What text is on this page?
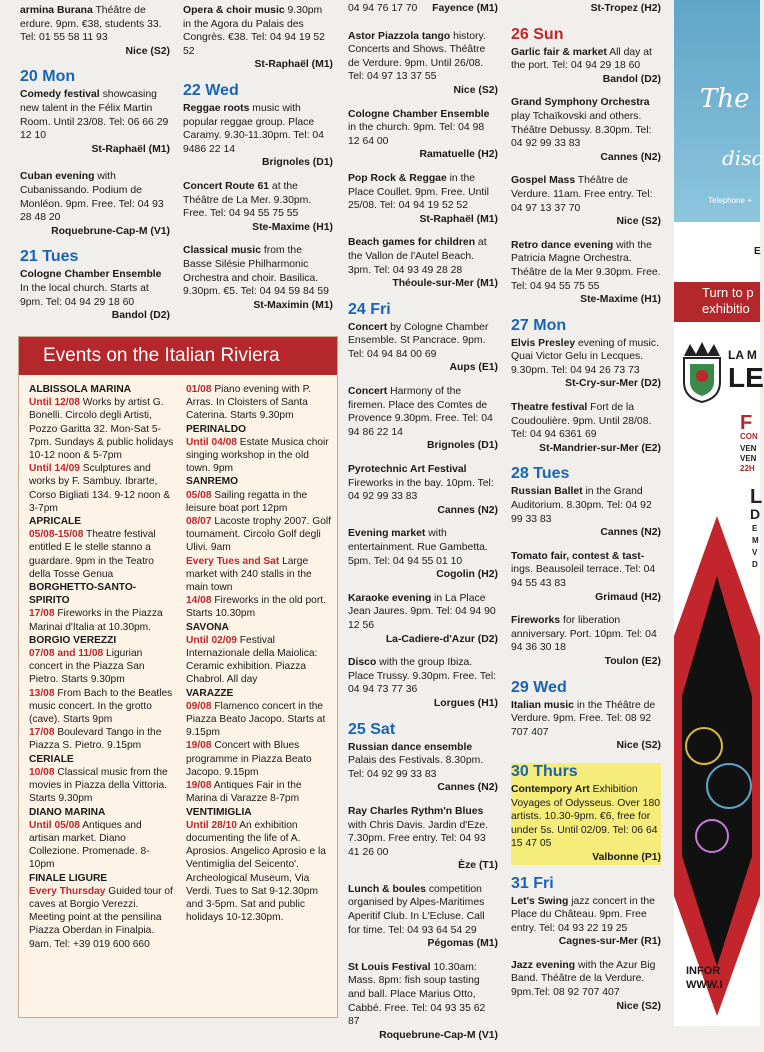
armina Burana Théâtre de erdure. 9pm. €38, students 33. Tel: 01 55 58 11 93
Nice (S2)
20 Mon
Comedy festival showcasing new talent in the Félix Martin Room. Until 23/08. Tel: 06 66 29 12 10
St-Raphaël (M1)
Cuban evening with Cubanissando. Podium de Monléon. 9pm. Free. Tel: 04 93 28 48 20
Roquebrune-Cap-M (V1)
21 Tues
Cologne Chamber Ensemble In the local church. Starts at 9pm. Tel: 04 94 29 18 60
Bandol (D2)
Opera & choir music 9.30pm in the Agora du Palais des Congrès. €38. Tel: 04 94 19 52 52
St-Raphaël (M1)
22 Wed
Reggae roots music with popular reggae group. Place Caramy. 9.30-11.30pm. Tel: 04 9486 22 14
Brignoles (D1)
Concert Route 61 at the Théâtre de La Mer. 9.30pm. Free. Tel: 04 94 55 75 55
Ste-Maxime (H1)
Classical music from the Basse Silésie Philharmonic Orchestra and choir. Basilica. 9.30pm. €5. Tel: 04 94 59 84 59
St-Maximin (M1)
Events on the Italian Riviera
ALBISSOLA MARINA
Until 12/08 Works by artist G. Bonelli. Circolo degli Artisti, Pozzo Garitta 32. Mon-Sat 5-7pm. Sundays & public holidays 10-12 noon & 5-7pm
Until 14/09 Sculptures and works by F. Sambuy. Ibrarte, Corso Bigliati 134. 9-12 noon & 3-7pm
APRICALE
05/08-15/08 Theatre festival entitled E le stelle stanno a guardare. 9pm in the Teatro della Tosse Genua
BORGHETTO-SANTO-SPIRITO
17/08 Fireworks in the Piazza Marinai d'Italia at 10.30pm.
BORGIO VEREZZI
07/08 and 11/08 Ligurian concert in the Piazza San Pietro. Starts 9.30pm
13/08 From Bach to the Beatles music concert. In the grotto (cave). Starts 9pm
17/08 Boulevard Tango in the Piazza S. Pietro. 9.15pm
CERIALE
10/08 Classical music from the movies in Piazza della Vittoria. Starts 9.30pm
DIANO MARINA
Until 05/08 Antiques and artisan market. Diano Collezione. Promenade. 8-10pm
FINALE LIGURE
Every Thursday Guided tour of caves at Borgio Verezzi. Meeting point at the pensilina Piazza Oberdan in Finalpia. 9am. Tel: +39 019 600 660
01/08 Piano evening with P. Arras. In Cloisters of Santa Caterina. Starts 9.30pm
PERINALDO
Until 04/08 Estate Musica choir singing workshop in the old town. 9pm
SANREMO
05/08 Sailing regatta in the leisure boat port 12pm
08/07 Lacoste trophy 2007. Golf tournament. Circolo Golf degli Ulivi. 9am
Every Tues and Sat Large market with 240 stalls in the main town
14/08 Fireworks in the old port. Starts 10.30pm
SAVONA
Until 02/09 Festival Internazionale della Maiolica: Ceramic exhibition. Piazza Chabrol. All day
VARAZZE
09/08 Flamenco concert in the Piazza Beato Jacopo. Starts at 9.15pm
19/08 Concert with Blues programme in Piazza Beato Jacopo. 9.15pm
19/08 Antiques Fair in the Marina di Varazze 8-7pm
VENTIMIGLIA
Until 28/10 An exhibition documenting the life of A. Aprosios. Angelico Aprosio e la Ventimiglia del Seicento'. Archeological Museum, Via Verdi. Tues to Sat 9-12.30pm and 3-5pm. Sat and public holidays 10-12.30pm.
04 94 76 17 70 Fayence (M1)
Astor Piazzola tango history. Concerts and Shows. Théâtre de Verdure. 9pm. Until 26/08. Tel: 04 97 13 37 55
Nice (S2)
Cologne Chamber Ensemble in the church. 9pm. Tel: 04 98 12 64 00
Ramatuelle (H2)
Pop Rock & Reggae in the Place Coullet. 9pm. Free. Until 25/08. Tel: 04 94 19 52 52
St-Raphaël (M1)
Beach games for children at the Vallon de l'Autel Beach. 3pm. Tel: 04 93 49 28 28
Théoule-sur-Mer (M1)
24 Fri
Concert by Cologne Chamber Ensemble. St Pancrace. 9pm. Tel: 04 94 84 00 69
Aups (E1)
Concert Harmony of the firemen. Place des Comtes de Provence 9.30pm. Free. Tel: 04 94 86 22 14
Brignoles (D1)
Pyrotechnic Art Festival Fireworks in the bay. 10pm. Tel: 04 92 99 33 83
Cannes (N2)
Evening market with entertainment. Rue Gambetta. 5pm. Tel: 04 94 55 01 10
Cogolin (H2)
Karaoke evening in La Place Jean Jaures. 9pm. Tel: 04 94 90 12 56
La-Cadiere-d'Azur (D2)
Disco with the group Ibiza. Place Trussy. 9.30pm. Free. Tel: 04 94 73 77 36
Lorgues (H1)
25 Sat
Russian dance ensemble Palais des Festivals. 8.30pm. Tel: 04 92 99 33 83
Cannes (N2)
Ray Charles Rythm'n Blues with Chris Davis. Jardin d'Eze. 7.30pm. Free entry. Tel: 04 93 41 26 00
Èze (T1)
Lunch & boules competition organised by Alpes-Maritimes Aperitif Club. In L'Ecluse. Call for time. Tel: 04 93 64 54 29
Pégomas (M1)
St Louis Festival 10.30am: Mass. 8pm: fish soup tasting and ball. Place Marius Otto, Cabbé. Free. Tel: 04 93 35 62 87
Roquebrune-Cap-M (V1)
St-Tropez (H2)
26 Sun
Garlic fair & market All day at the port. Tel: 04 94 29 18 60
Bandol (D2)
Grand Symphony Orchestra play Tchaïkovski and others. Théâtre Debussy. 8.30pm. Tel: 04 92 99 33 83
Cannes (N2)
Gospel Mass Théâtre de Verdure. 11am. Free entry. Tel: 04 97 13 37 70
Nice (S2)
Retro dance evening with the Patricia Magne Orchestra. Théâtre de la Mer 9.30pm. Free. Tel: 04 94 55 75 55
Ste-Maxime (H1)
27 Mon
Elvis Presley evening of music. Quai Victor Gelu in Lecques. 9.30pm. Tel: 04 94 26 73 73
St-Cry-sur-Mer (D2)
Theatre festival Fort de la Coudoulière. 9pm. Until 28/08. Tel: 04 94 6361 69
St-Mandrier-sur-Mer (E2)
28 Tues
Russian Ballet in the Grand Auditorium. 8.30pm. Tel: 04 92 99 33 83
Cannes (N2)
Tomato fair, contest & tast-ings. Beausoleil terrace. Tel: 04 94 55 43 83
Grimaud (H2)
Fireworks for liberation anniversary. Port. 10pm. Tel: 04 94 36 30 18
Toulon (E2)
29 Wed
Italian music in the Théâtre de Verdure. 9pm. Free. Tel: 08 92 707 407
Nice (S2)
30 Thurs
Contempory Art Exhibition Voyages of Odysseus. Over 180 artists. 10.30-9pm. €6, free for under 5s. Until 02/09. Tel: 06 64 15 47 05
Valbonne (P1)
31 Fri
Let's Swing jazz concert in the Place du Château. 9pm. Free entry. Tel: 04 93 22 19 25
Cagnes-sur-Mer (R1)
Jazz evening with the Azur Big Band. Théâtre de la Verdure. 9pm.Tel: 08 92 707 407
Nice (S2)
The
disc
Telephone +
E
Turn to p exhibitio
LA M
LE
F
CON
VEN
VEN
22H
L
D
E
M
V
D
INFOR
WWW.I
